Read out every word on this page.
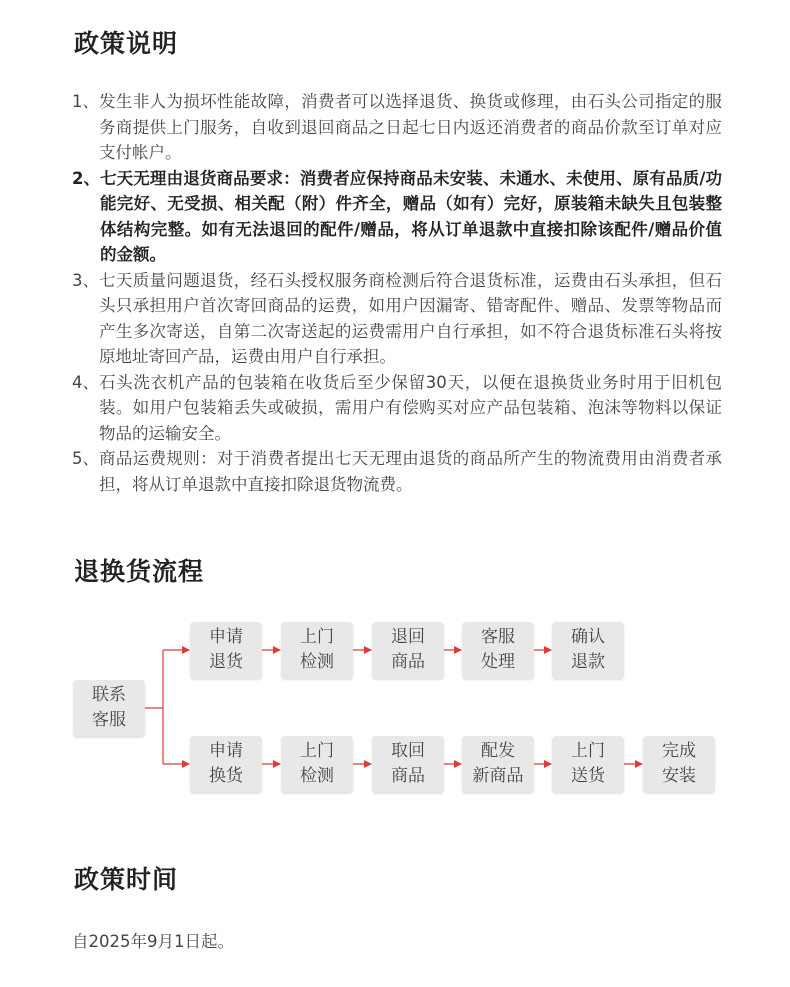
政策说明
1、 发生非人为损坏性能故障，消费者可以选择退货、换货或修理，由石头公司指定的服务商提供上门服务，自收到退回商品之日起七日内返还消费者的商品价款至订单对应支付帐户。
2、 七天无理由退货商品要求：消费者应保持商品未安装、未通水、未使用、原有品质/功能完好、无受损、相关配（附）件齐全，赠品（如有）完好，原装箱未缺失且包装整体结构完整。如有无法退回的配件/赠品，将从订单退款中直接扣除该配件/赠品价值的金额。
3、 七天质量问题退货，经石头授权服务商检测后符合退货标准，运费由石头承担，但石头只承担用户首次寄回商品的运费，如用户因漏寄、错寄配件、赠品、发票等物品而产生多次寄送，自第二次寄送起的运费需用户自行承担，如不符合退货标准石头将按原地址寄回产品，运费由用户自行承担。
4、 石头洗衣机产品的包装箱在收货后至少保留30天，以便在退换货业务时用于旧机包装。如用户包装箱丢失或破损，需用户有偿购买对应产品包装箱、泡沫等物料以保证物品的运输安全。
5、 商品运费规则：对于消费者提出七天无理由退货的商品所产生的物流费用由消费者承担，将从订单退款中直接扣除退货物流费。
退换货流程
联系
客服
申请
退货
上门
检测
退回
商品
客服
处理
确认
退款
申请
换货
上门
检测
取回
商品
配发
新商品
上门
送货
完成
安装
政策时间

自2025年9月1日起。
